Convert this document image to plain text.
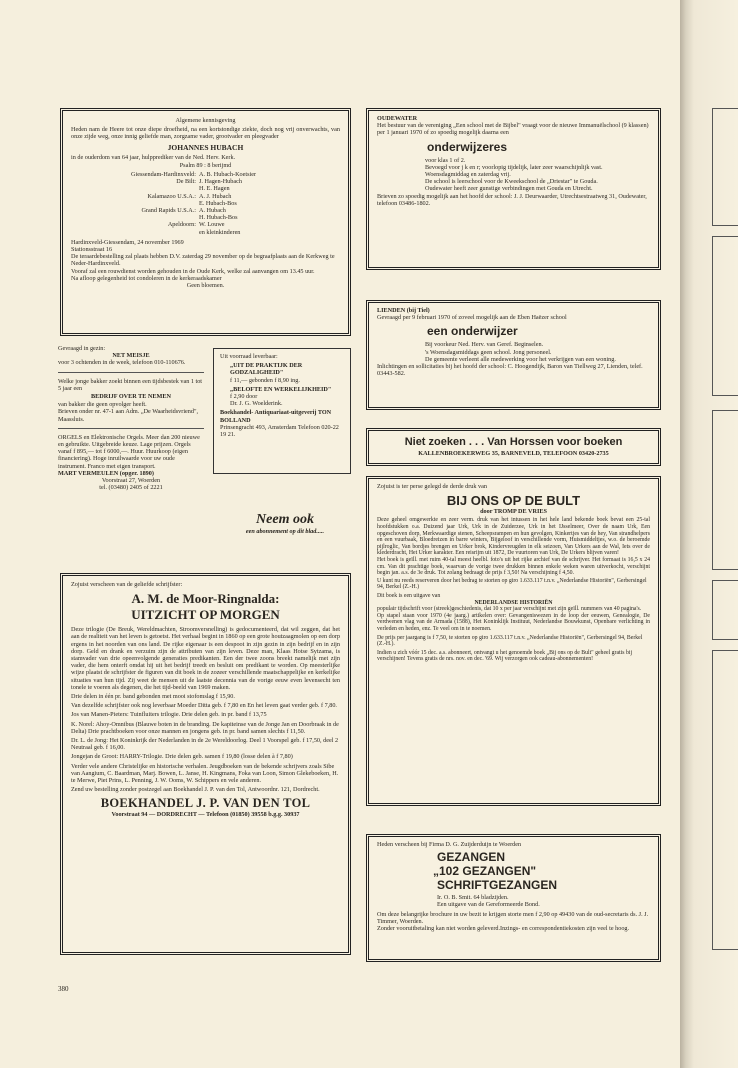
Algemene kennisgeving

Heden nam de Heere tot onze diepe droefheid, na een kortstondige ziekte, doch nog vrij onverwachts, van onze zijde weg, onze innig geliefde man, zorgzame vader, grootvader en pleegvader

JOHANNES HUBACH

in de ouderdom van 64 jaar, hulpprediker van de Ned. Herv. Kerk.

Psalm 89 : 8 berijmd

Giessendam-Hardinxveld: A. B. Hubach-Koetsier
De Bilt: J. Hagen-Hubach
H. E. Hagen
Kalamazoo U.S.A.: A. J. Hubach
E. Hubach-Bos
Grand Rapids U.S.A.: A. Hubach
H. Hubach-Bos
Apeldoorn: W. Louwe
en kleinkinderen

Hardinxveld-Giessendam, 24 november 1969

Stationsstraat 16

De teraardebestelling zal plaats hebben D.V. zaterdag 29 november op de begraafplaats aan de Kerkweg te Neder-Hardinxveld.

Vooraf zal een rouwdienst worden gehouden in de Oude Kerk, welke zal aanvangen om 13.45 uur.

Na afloop gelegenheid tot condoleren in de kerkeraadskamer

Geen bloemen.

Gevraagd in gezin:

NET MEISJE

voor 3 ochtenden in de week, telefoon 010-110676.

Welke jonge bakker zoekt binnen een tijdsbestek van 1 tot 5 jaar een

BEDRIJF OVER TE NEMEN

van bakker die geen opvolger heeft.

Brieven onder nr. 47-1 aan Adm. „De Waarheidsvriend", Maassluis.

ORGELS en Elektronische Orgels. Meer dan 200 nieuwe en gebruikte. Uitgebreide keuze. Lage prijzen. Orgels vanaf f 895,— tot f 6000,—. Huur. Huurkoop (eigen financiering). Hoge inruilwaarde voor uw oude instrument. Franco met eigen transport.

MART VERMEULEN (opger. 1890)

Voorstraat 27, Woerden

tel. (03480) 2405 of 2221

Uit voorraad leverbaar:

„UIT DE PRAKTIJK DER GODZALIGHEID"

f 11,— gebonden f 8,90 ing.

„BELOFTE EN WERKELIJKHEID"

f 2,90 door

Dr. J. G. Woelderink.

Boekhandel- Antiquariaat-uitgeverij TON BOLLAND

Prinsengracht 493, Amsterdam Telefoon 020-22 19 21.

Neem ook

een abonnement op dit blad.....

Zojuist verscheen van de geliefde schrijfster:

A. M. de Moor-Ringnalda:

UITZICHT OP MORGEN

Deze trilogie (De Breuk, Wereldmachten, Stroomversnelling) is gedocumenteerd, dat wil zeggen, dat het aan de realiteit van het leven is getoetst. Het verhaal begint in 1860 op een grote houtzaagmolen op een dorp ergens in het noorden van ons land. De rijke eigenaar is een despoot in zijn gezin in zijn bedrijf en in zijn dorp. Geld en drank en verzuim zijn de attributen van zijn leven. Deze man, Klaas Hotse Sytzama, is stamvader van drie opeenvolgende generaties predikanten. Een der twee zoons breekt namelijk met zijn vader, die hem onterft omdat hij uit het bedrijf treedt en besluit om predikant te worden. Op meesterlijke wijze plaatst de schrijfster de figuren van dit boek in de zozeer verschillende maatschappelijke en kerkelijke situaties van hun tijd. Zij weet de mensen uit de laatste decennia van de vorige eeuw even levensecht ten tonele te voeren als degenen, die het tijd-beeld van 1969 maken.

Drie delen in één pr. band gebonden met mooi stofomslag f 15,90.

Van dezelfde schrijfster ook nog leverbaar Moeder Ditta geb. f 7,80 en En het leven gaat verder geb. f 7,80.

Jos van Manen-Pieters: Tuinfluiters trilogie. Drie delen geb. in pr. band f 13,75

K. Norel: Ahoy-Omnibus (Blauwe boten in de branding. De kapiteinse van de Jonge Jan en Doorbraak in de Delta) Drie prachtboeken voor onze mannen en jongens geb. in pr. band samen slechts f 11,50.

Dr. L. de Jong: Het Koninkrijk der Nederlanden in de 2e Wereldoorlog. Deel 1 Voorspel geb. f 17,50, deel 2 Neutraal geb. f 16,00.

Jongejan de Groot: HARRY-Trilogie. Drie delen geb. samen f 19,80 (losse delen à f 7,80)

Verder vele andere Christelijke en historische verhalen. Jeugdboeken van de bekende schrijvers zoals Sibe van Aangium, C. Baardman, Marj. Bowen, L. Janse, H. Kingmans, Foka van Loon, Simon Glekeboeken, H. te Merwe, Piet Prins, L. Penning, J. W. Ooms, W. Schippers en vele anderen.

Zend uw bestelling zonder postzegel aan Boekhandel J. P. van den Tol, Antwoordnr. 121, Dordrecht.

BOEKHANDEL J. P. VAN DEN TOL

Voorstraat 94 — DORDRECHT — Telefoon (01850) 39558 b.g.g. 30937

OUDEWATER

Het bestuur van de vereniging „Een school met de Bijbel" vraagt voor de nieuwe Immanuëlschool (9 klassen) per 1 januari 1970 of zo spoedig mogelijk daarna een

onderwijzeres

voor klas 1 of 2.

Bevoegd voor j k en r; voorlopig tijdelijk, later zeer waarschijnlijk vast.

Woensdagmiddag en zaterdag vrij.

De school is leerschool voor de Kweekschool de „Driestar" te Gouda.

Oudewater heeft zeer gunstige verbindingen met Gouda en Utrecht.

Brieven zo spoedig mogelijk aan het hoofd der school: J. J. Deurwaarder, Utrechtsestraatweg 31, Oudewater, telefoon 03486-1802.

LIENDEN (bij Tiel)

Gevraagd per 9 februari 1970 of zoveel mogelijk aan de Eben Haëzer school

een onderwijzer

Bij voorkeur Ned. Herv. van Geref. Beginselen.

's Woensdagsmiddags geen school. Jong personeel.

De gemeente verleent alle medewerking voor het verkrijgen van een woning.

Inlichtingen en sollicitaties bij het hoofd der school: C. Hoogendijk, Baron van Tiellweg 27, Lienden, telef. 03443-582.

Niet zoeken . . . Van Horssen voor boeken

KALLENBROEKERWEG 35, BARNEVELD, TELEFOON 03420-2735

Zojuist is ter perse gelegd de derde druk van

BIJ ONS OP DE BULT

door TROMP DE VRIES

Deze geheel omgewerkte en zeer verm. druk van het intussen in het hele land bekende boek bevat een 25-tal hoofdstukken o.a. Duizend jaar Urk, Urk in de Zuiderzee, Urk in het IJsselmeer, Over de naam Urk, Een opgeschoven dorp, Merkwaardige stenen, Scheepsrampen en hun gevolgen, Kinkertjes van de hey, Van strandhelpers en een vuurbaak, Bloedreizen in barre winters, Bijgeloof in verschillende vorm, Huismiddeltjes, w.o. de beroemde pijlroglic, Van bordjes brengen en Urker brok, Kindervreugden in elk seizoen, Van Urkers aan de Wal, Iets over de klederdracht, Het Urker karakter. Een reisrijm uit 1872, De vuurtoren van Urk, De Urkers blijven varen!

Het boek is geïll. met ruim 40-tal meest heelbl. foto's uit het rijke archief van de schrijver. Het formaat is 16,5 x 24 cm. Van dit prachtige boek, waarvan de vorige twee drukken binnen enkele weken waren uitverkocht, verschijnt begin jan. a.s. de 3e druk. Tot zolang bedraagt de prijs f 3,50! Na verschijning f 4,50.

U kunt nu reeds reserveren door het bedrag te storten op giro 1.633.117 t.n.v. „Nederlandse Historiën", Gerbersingel 94, Berkel (Z.-H.)

Dit boek is een uitgave van

NEDERLANDSE HISTORIËN

populair tijdschrift voor (streek)geschiedenis, dat 10 x per jaar verschijnt met zijn geïll. nummers van 40 pagina's.

Op stapel staan voor 1970 (4e jaarg.) artikelen over: Gevangeniswezen in de loop der eeuwen, Genealogie, De verdwenen vlag van de Armada (1588), Het Koninklijk Instituut, Nederlandse Bouwkunst, Openbare verlichting in verleden en heden, enz. Te veel om in te noemen.

De prijs per jaargang is f 7,50, te storten op giro 1.633.117 t.n.v. „Nederlandse Historiën", Gerbersingel 94, Berkel (Z.-H.).

Indien u zich vóór 15 dec. a.s. abonneert, ontvangt u het genoemde boek „Bij ons op de Bult" geheel gratis bij verschijnen! Tevens gratis de nrs. nov. en dec. '69. Wij verzorgen ook cadeau-abonnementen!

Heden verscheen bij Firma D. G. Zuijderduijn te Woerden

GEZANGEN

„102 GEZANGEN"

SCHRIFTGEZANGEN

Ir. O. B. Smit. 64 bladzijden.

Een uitgave van de Gereformeerde Bond.

Om deze belangrijke brochure in uw bezit te krijgen storte men f 2,90 op 49430 van de oud-secretaris ds. J. J. Timmer, Woerden.

Zonder vooruitbetaling kan niet worden geleverd.Inzings- en correspondentiekosten zijn veel te hoog.

380
